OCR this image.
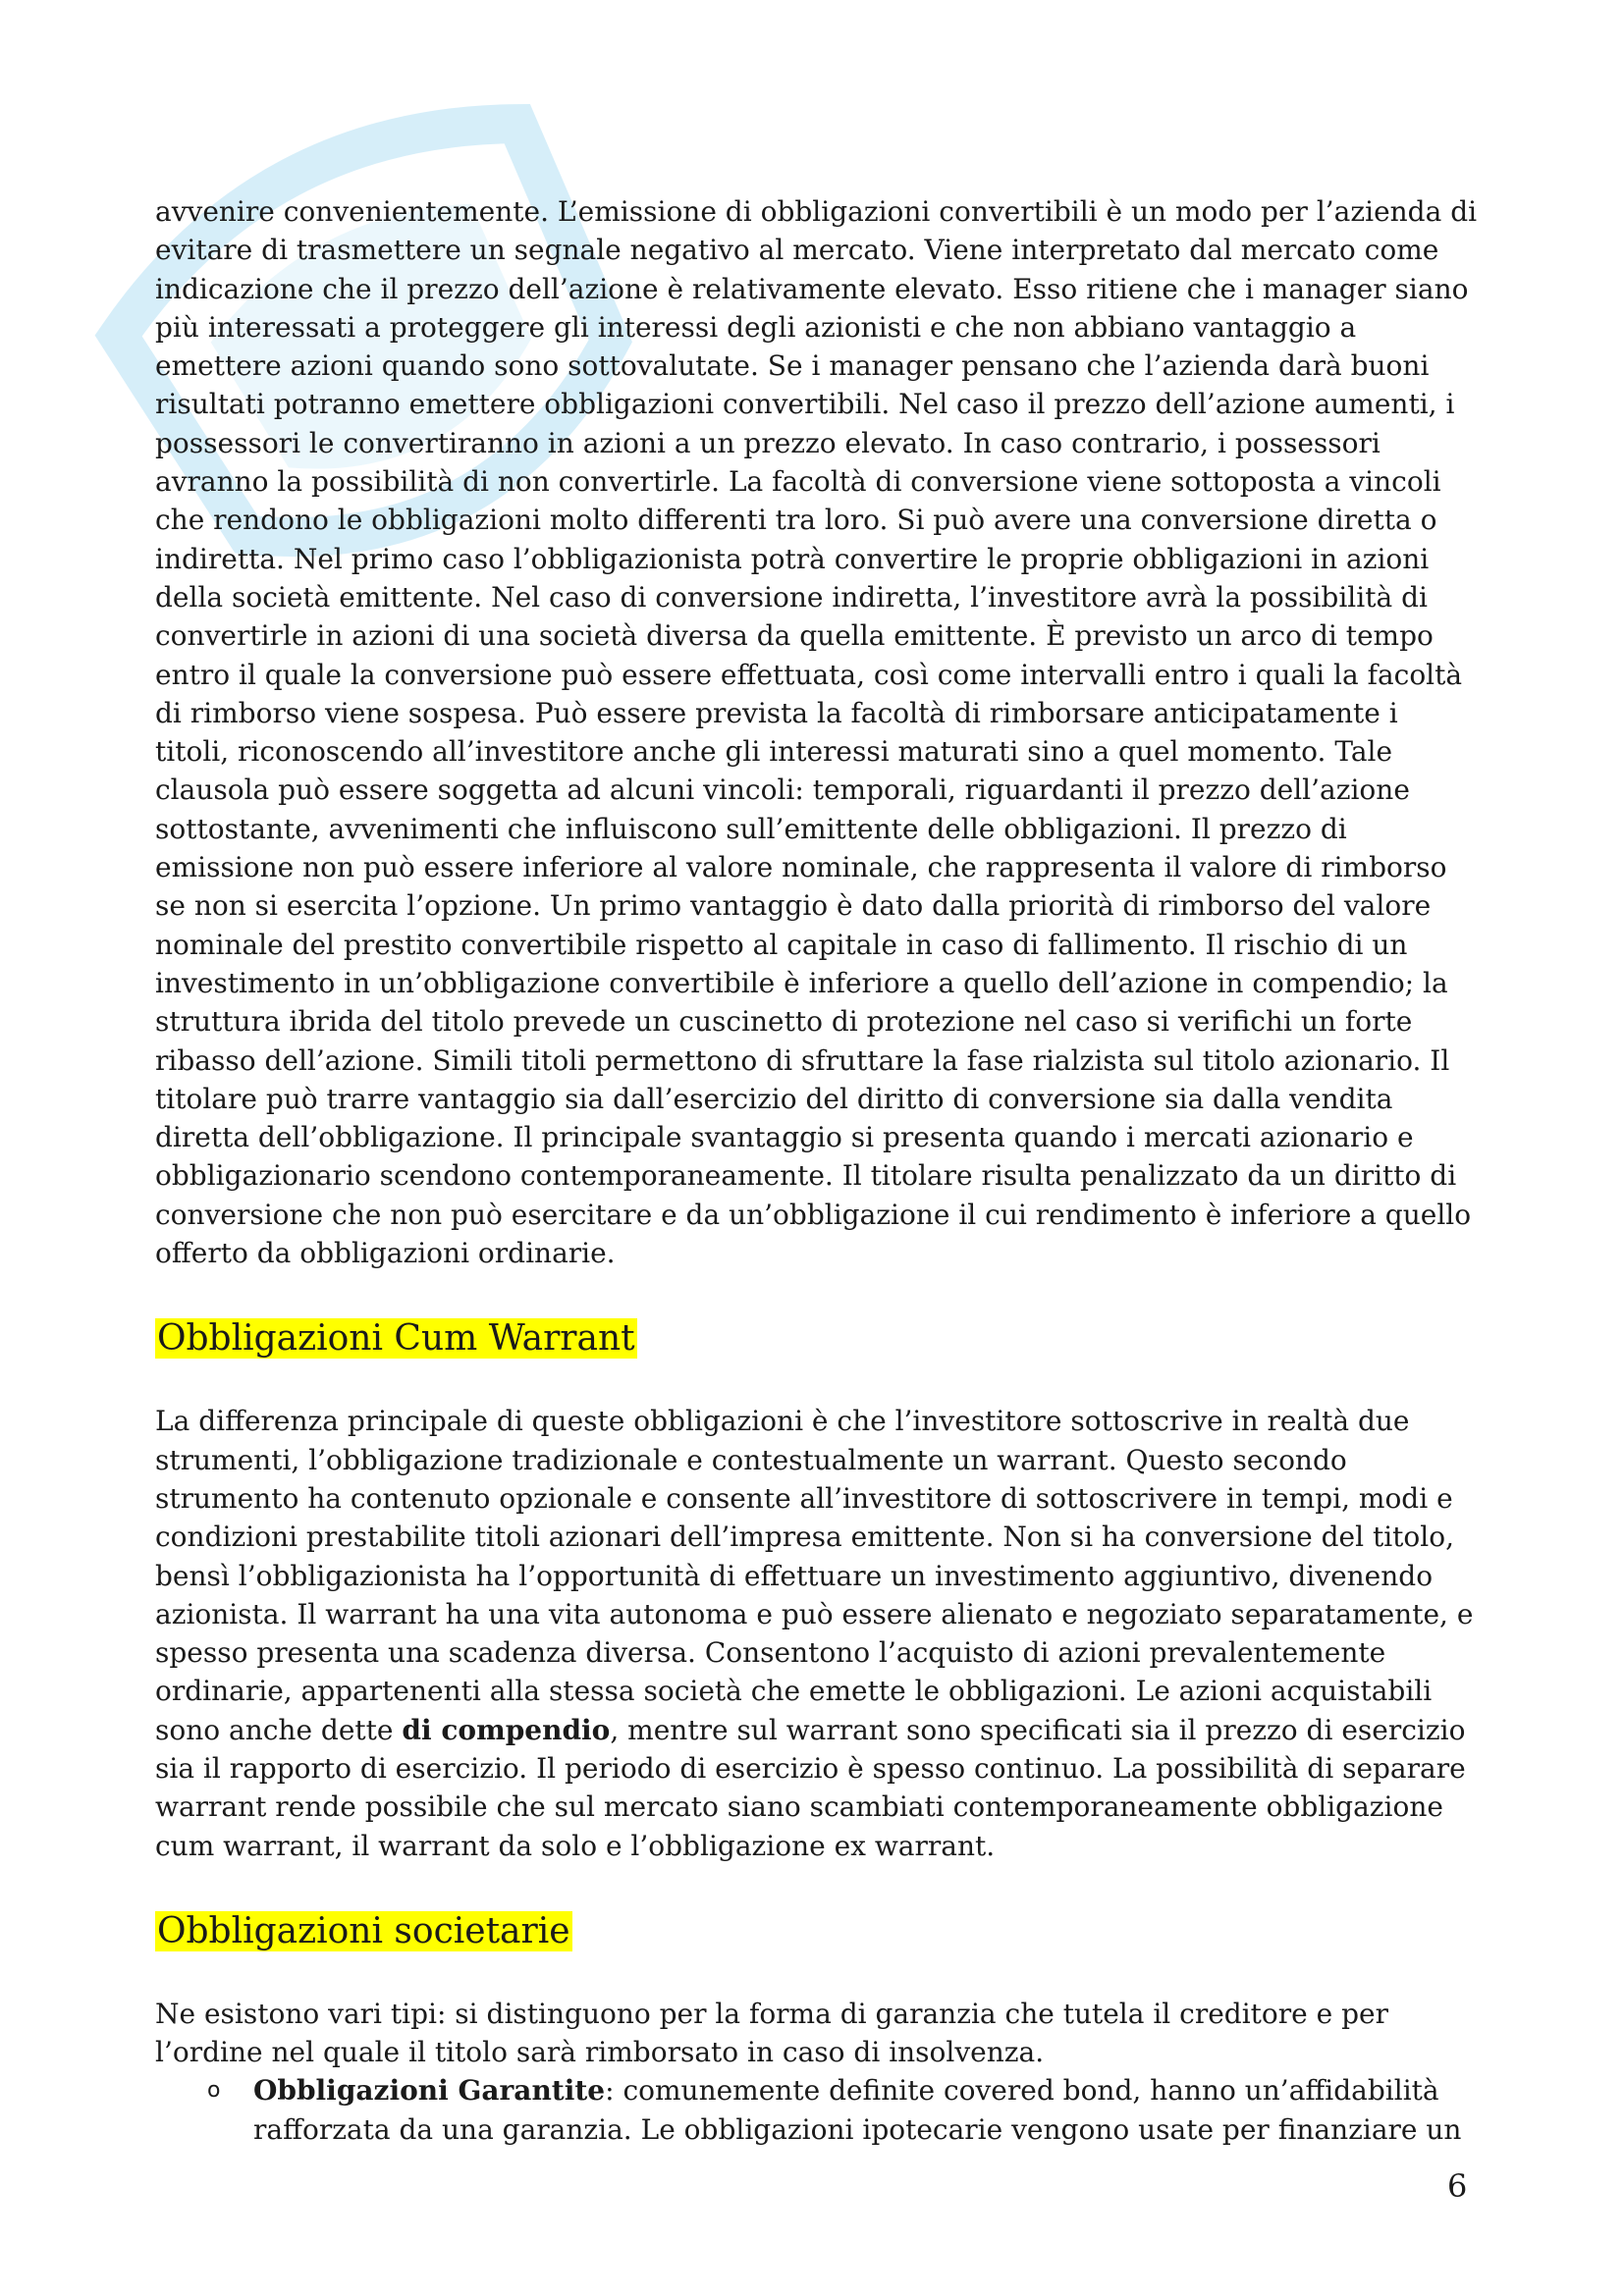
avvenire convenientemente. L’emissione di obbligazioni convertibili è un modo per l’azienda di evitare di trasmettere un segnale negativo al mercato. Viene interpretato dal mercato come indicazione che il prezzo dell’azione è relativamente elevato. Esso ritiene che i manager siano più interessati a proteggere gli interessi degli azionisti e che non abbiano vantaggio a emettere azioni quando sono sottovalutate. Se i manager pensano che l’azienda darà buoni risultati potranno emettere obbligazioni convertibili. Nel caso il prezzo dell’azione aumenti, i possessori le convertiranno in azioni a un prezzo elevato. In caso contrario, i possessori avranno la possibilità di non convertirle. La facoltà di conversione viene sottoposta a vincoli che rendono le obbligazioni molto differenti tra loro. Si può avere una conversione diretta o indiretta. Nel primo caso l’obbligazionista potrà convertire le proprie obbligazioni in azioni della società emittente. Nel caso di conversione indiretta, l’investitore avrà la possibilità di convertirle in azioni di una società diversa da quella emittente. È previsto un arco di tempo entro il quale la conversione può essere effettuata, così come intervalli entro i quali la facoltà di rimborso viene sospesa. Può essere prevista la facoltà di rimborsare anticipatamente i titoli, riconoscendo all’investitore anche gli interessi maturati sino a quel momento. Tale clausola può essere soggetta ad alcuni vincoli: temporali, riguardanti il prezzo dell’azione sottostante, avvenimenti che influiscono sull’emittente delle obbligazioni. Il prezzo di emissione non può essere inferiore al valore nominale, che rappresenta il valore di rimborso se non si esercita l’opzione. Un primo vantaggio è dato dalla priorità di rimborso del valore nominale del prestito convertibile rispetto al capitale in caso di fallimento. Il rischio di un investimento in un’obbligazione convertibile è inferiore a quello dell’azione in compendio; la struttura ibrida del titolo prevede un cuscinetto di protezione nel caso si verifichi un forte ribasso dell’azione. Simili titoli permettono di sfruttare la fase rialzista sul titolo azionario. Il titolare può trarre vantaggio sia dall’esercizio del diritto di conversione sia dalla vendita diretta dell’obbligazione. Il principale svantaggio si presenta quando i mercati azionario e obbligazionario scendono contemporaneamente. Il titolare risulta penalizzato da un diritto di conversione che non può esercitare e da un’obbligazione il cui rendimento è inferiore a quello offerto da obbligazioni ordinarie.

Obbligazioni Cum Warrant

La differenza principale di queste obbligazioni è che l’investitore sottoscrive in realtà due strumenti, l’obbligazione tradizionale e contestualmente un warrant. Questo secondo strumento ha contenuto opzionale e consente all’investitore di sottoscrivere in tempi, modi e condizioni prestabilite titoli azionari dell’impresa emittente. Non si ha conversione del titolo, bensì l’obbligazionista ha l’opportunità di effettuare un investimento aggiuntivo, divenendo azionista. Il warrant ha una vita autonoma e può essere alienato e negoziato separatamente, e spesso presenta una scadenza diversa. Consentono l’acquisto di azioni prevalentemente ordinarie, appartenenti alla stessa società che emette le obbligazioni. Le azioni acquistabili sono anche dette di compendio, mentre sul warrant sono specificati sia il prezzo di esercizio sia il rapporto di esercizio. Il periodo di esercizio è spesso continuo. La possibilità di separare warrant rende possibile che sul mercato siano scambiati contemporaneamente obbligazione cum warrant, il warrant da solo e l’obbligazione ex warrant.

Obbligazioni societarie

Ne esistono vari tipi: si distinguono per la forma di garanzia che tutela il creditore e per l’ordine nel quale il titolo sarà rimborsato in caso di insolvenza.

o Obbligazioni Garantite: comunemente definite covered bond, hanno un’affidabilità rafforzata da una garanzia. Le obbligazioni ipotecarie vengono usate per finanziare un
6
